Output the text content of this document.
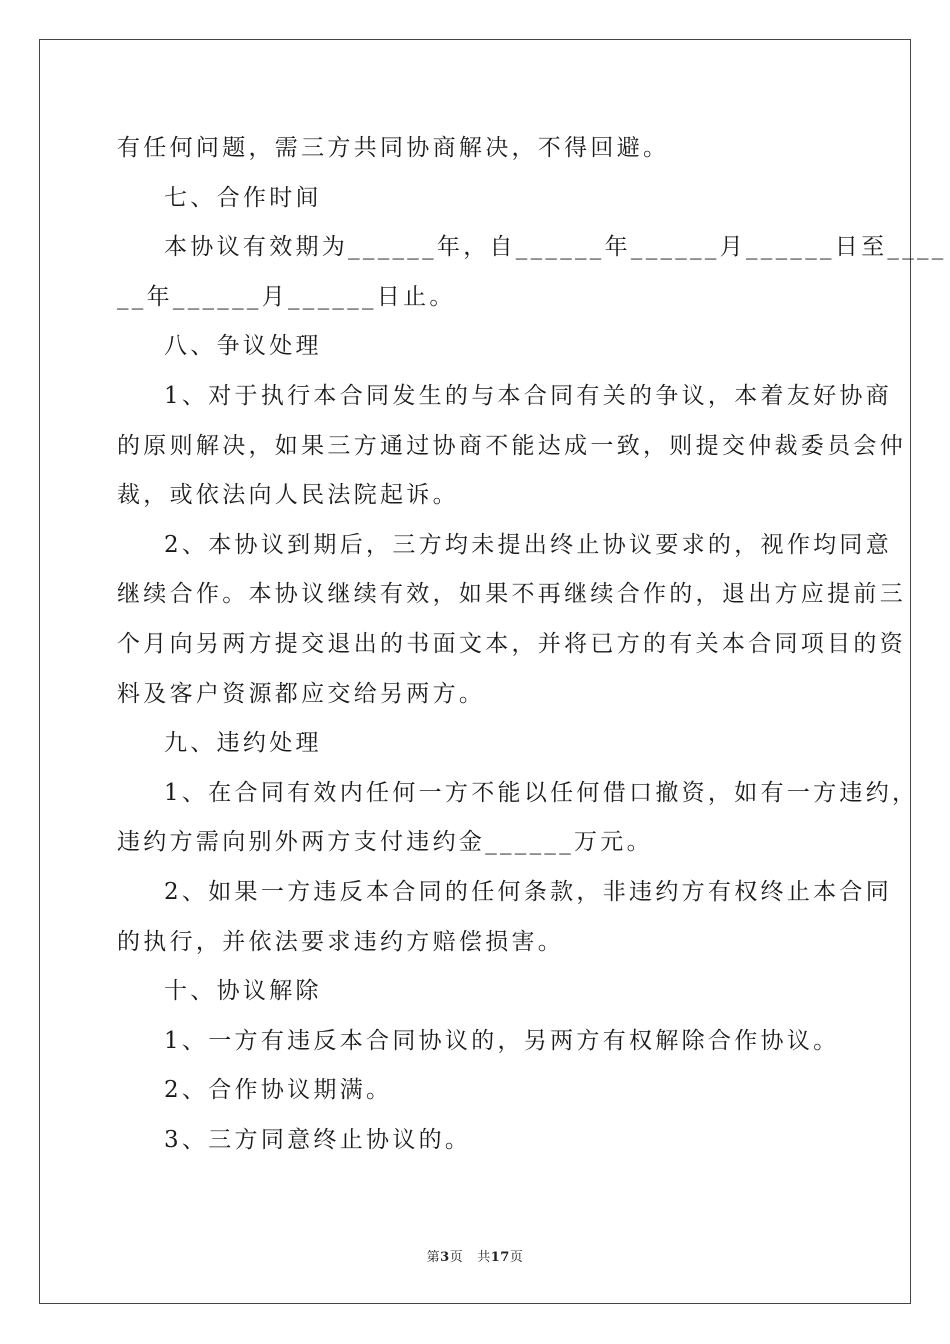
有任何问题，需三方共同协商解决，不得回避。
七、合作时间
本协议有效期为______年，自______年______月______日至____
__年______月______日止。
八、争议处理
1、对于执行本合同发生的与本合同有关的争议，本着友好协商
的原则解决，如果三方通过协商不能达成一致，则提交仲裁委员会仲
裁，或依法向人民法院起诉。
2、本协议到期后，三方均未提出终止协议要求的，视作均同意
继续合作。本协议继续有效，如果不再继续合作的，退出方应提前三
个月向另两方提交退出的书面文本，并将已方的有关本合同项目的资
料及客户资源都应交给另两方。
九、违约处理
1、在合同有效内任何一方不能以任何借口撤资，如有一方违约，
违约方需向别外两方支付违约金______万元。
2、如果一方违反本合同的任何条款，非违约方有权终止本合同
的执行，并依法要求违约方赔偿损害。
十、协议解除
1、一方有违反本合同协议的，另两方有权解除合作协议。
2、合作协议期满。
3、三方同意终止协议的。
第3页 共17页
